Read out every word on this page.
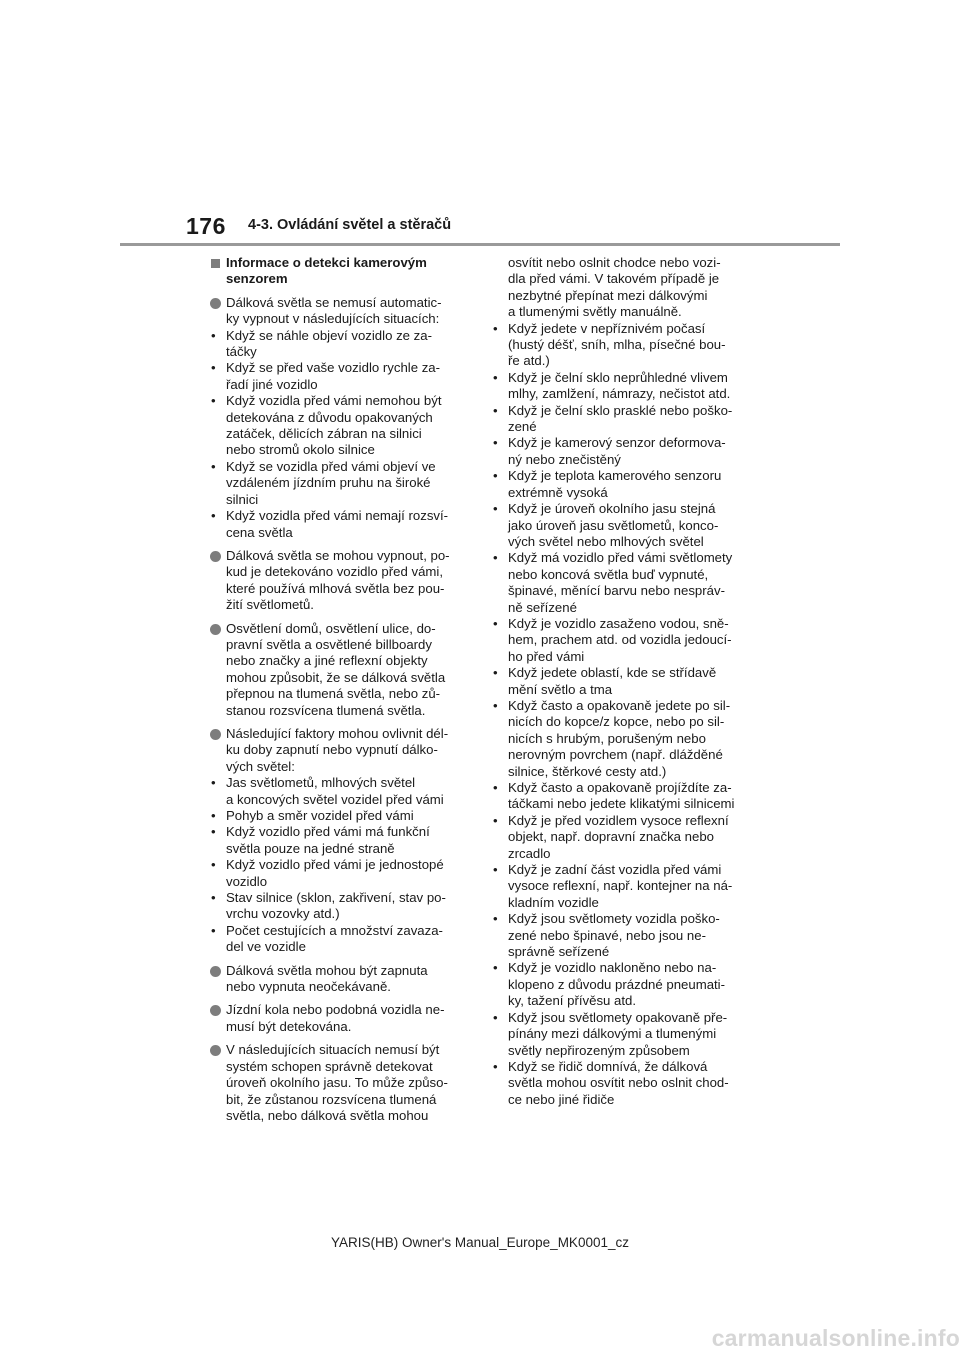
176 4-3. Ovládání světel a stěračů
Informace o detekci kamerovým
senzorem
Dálková světla se nemusí automatic-
ky vypnout v následujících situacích:
• Když se náhle objeví vozidlo ze za-
táčky
• Když se před vaše vozidlo rychle za-
řadí jiné vozidlo
• Když vozidla před vámi nemohou být
detekována z důvodu opakovaných
zatáček, dělicích zábran na silnici
nebo stromů okolo silnice
• Když se vozidla před vámi objeví ve
vzdáleném jízdním pruhu na široké
silnici
• Když vozidla před vámi nemají rozsví-
cena světla
Dálková světla se mohou vypnout, po-
kud je detekováno vozidlo před vámi,
které používá mlhová světla bez pou-
žití světlometů.
Osvětlení domů, osvětlení ulice, do-
pravní světla a osvětlené billboardy
nebo značky a jiné reflexní objekty
mohou způsobit, že se dálková světla
přepnou na tlumená světla, nebo zů-
stanou rozsvícena tlumená světla.
Následující faktory mohou ovlivnit dél-
ku doby zapnutí nebo vypnutí dálko-
vých světel:
• Jas světlometů, mlhových světel
a koncových světel vozidel před vámi
• Pohyb a směr vozidel před vámi
• Když vozidlo před vámi má funkční
světla pouze na jedné straně
• Když vozidlo před vámi je jednostopé
vozidlo
• Stav silnice (sklon, zakřivení, stav po-
vrchu vozovky atd.)
• Počet cestujících a množství zavaza-
del ve vozidle
Dálková světla mohou být zapnuta
nebo vypnuta neočekávaně.
Jízdní kola nebo podobná vozidla ne-
musí být detekována.
V následujících situacích nemusí být
systém schopen správně detekovat
úroveň okolního jasu. To může způso-
bit, že zůstanou rozsvícena tlumená
světla, nebo dálková světla mohou
osvítit nebo oslnit chodce nebo vozi-
dla před vámi. V takovém případě je
nezbytné přepínat mezi dálkovými
a tlumenými světly manuálně.
• Když jedete v nepříznivém počasí
(hustý déšť, sníh, mlha, písečné bou-
ře atd.)
• Když je čelní sklo neprůhledné vlivem
mlhy, zamlžení, námrazy, nečistot atd.
• Když je čelní sklo prasklé nebo poško-
zené
• Když je kamerový senzor deformova-
ný nebo znečistěný
• Když je teplota kamerového senzoru
extrémně vysoká
• Když je úroveň okolního jasu stejná
jako úroveň jasu světlometů, konco-
vých světel nebo mlhových světel
• Když má vozidlo před vámi světlomety
nebo koncová světla buď vypnuté,
špinavé, měnící barvu nebo nespráv-
ně seřízené
• Když je vozidlo zasaženo vodou, sně-
hem, prachem atd. od vozidla jedoucí-
ho před vámi
• Když jedete oblastí, kde se střídavě
mění světlo a tma
• Když často a opakovaně jedete po sil-
nicích do kopce/z kopce, nebo po sil-
nicích s hrubým, porušeným nebo
nerovným povrchem (např. dlážděné
silnice, štěrkové cesty atd.)
• Když často a opakovaně projíždíte za-
táčkami nebo jedete klikatými silnicemi
• Když je před vozidlem vysoce reflexní
objekt, např. dopravní značka nebo
zrcadlo
• Když je zadní část vozidla před vámi
vysoce reflexní, např. kontejner na ná-
kladním vozidle
• Když jsou světlomety vozidla poško-
zené nebo špinavé, nebo jsou ne-
správně seřízené
• Když je vozidlo nakloněno nebo na-
klopeno z důvodu prázdné pneumati-
ky, tažení přívěsu atd.
• Když jsou světlomety opakovaně pře-
pínány mezi dálkovými a tlumenými
světly nepřirozeným způsobem
• Když se řidič domnívá, že dálková
světla mohou osvítit nebo oslnit chod-
ce nebo jiné řidiče
YARIS(HB) Owner's Manual_Europe_MK0001_cz
carmanualsonline.info
